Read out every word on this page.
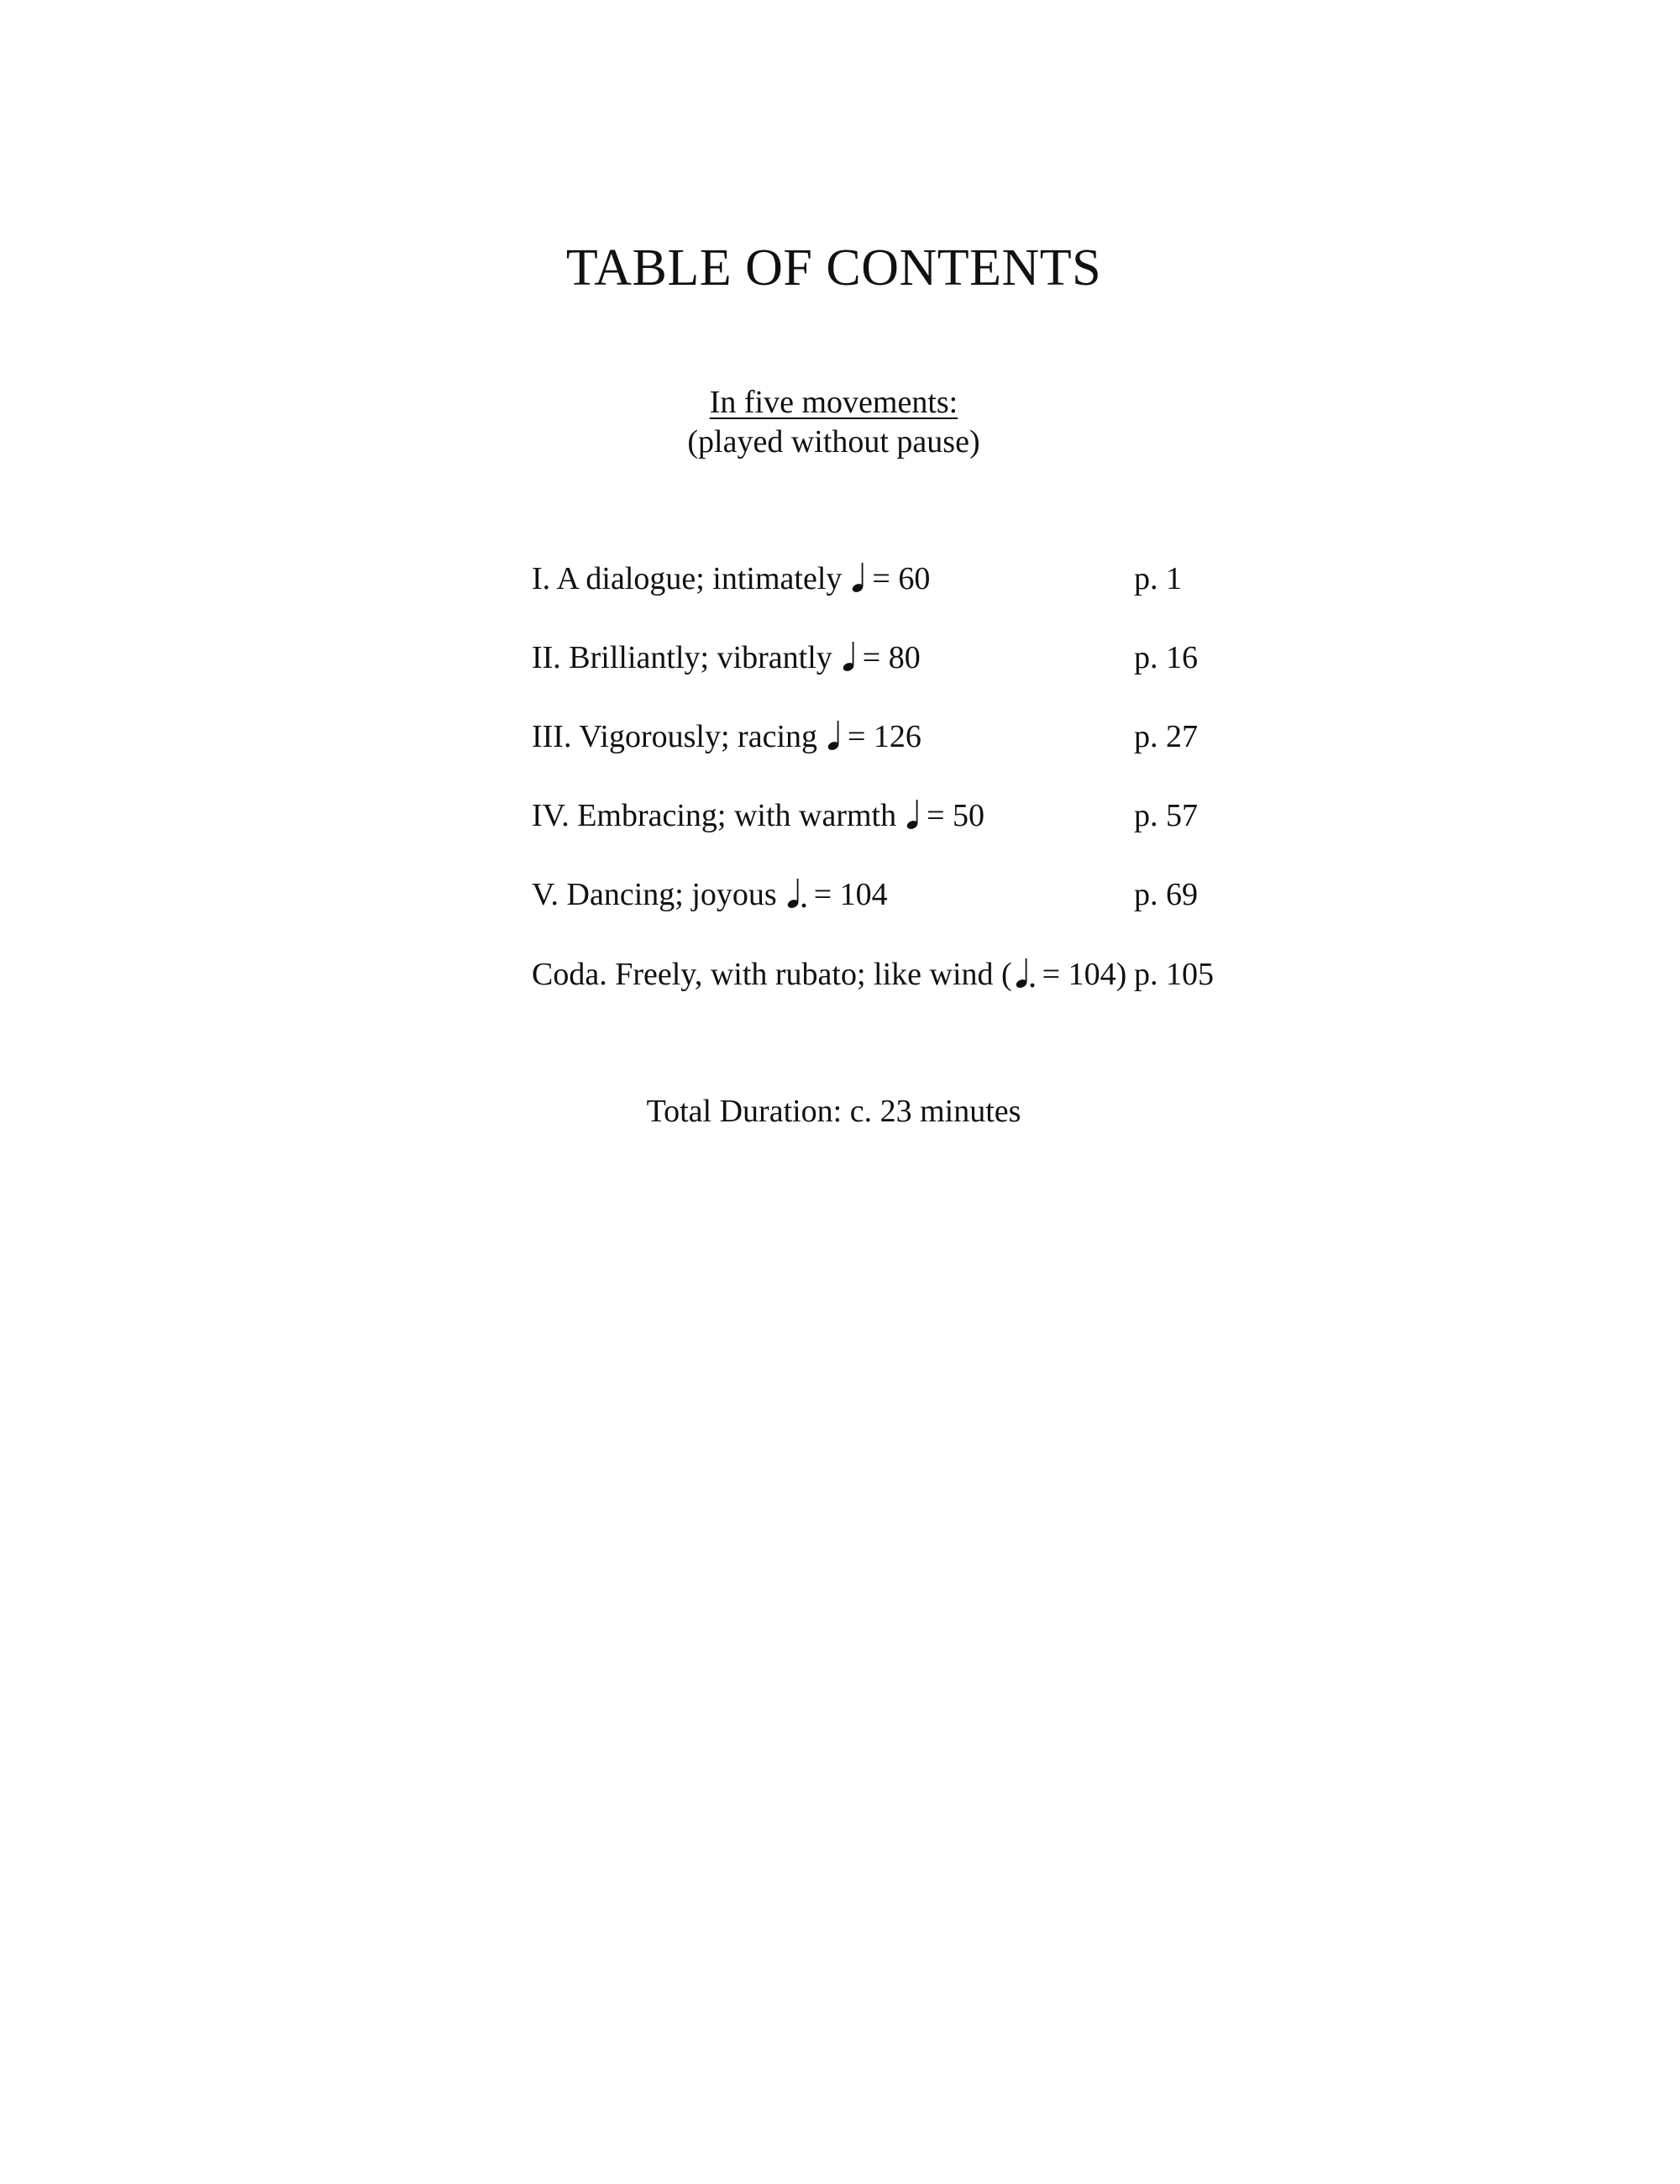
TABLE OF CONTENTS
In five movements:
(played without pause)
I. A dialogue; intimately = 60	p. 1
II. Brilliantly; vibrantly = 80	p. 16
III. Vigorously; racing = 126	p. 27
IV. Embracing; with warmth = 50	p. 57
V. Dancing; joyous = 104	p. 69
Coda. Freely, with rubato; like wind ( = 104) p. 105
Total Duration: c. 23 minutes
